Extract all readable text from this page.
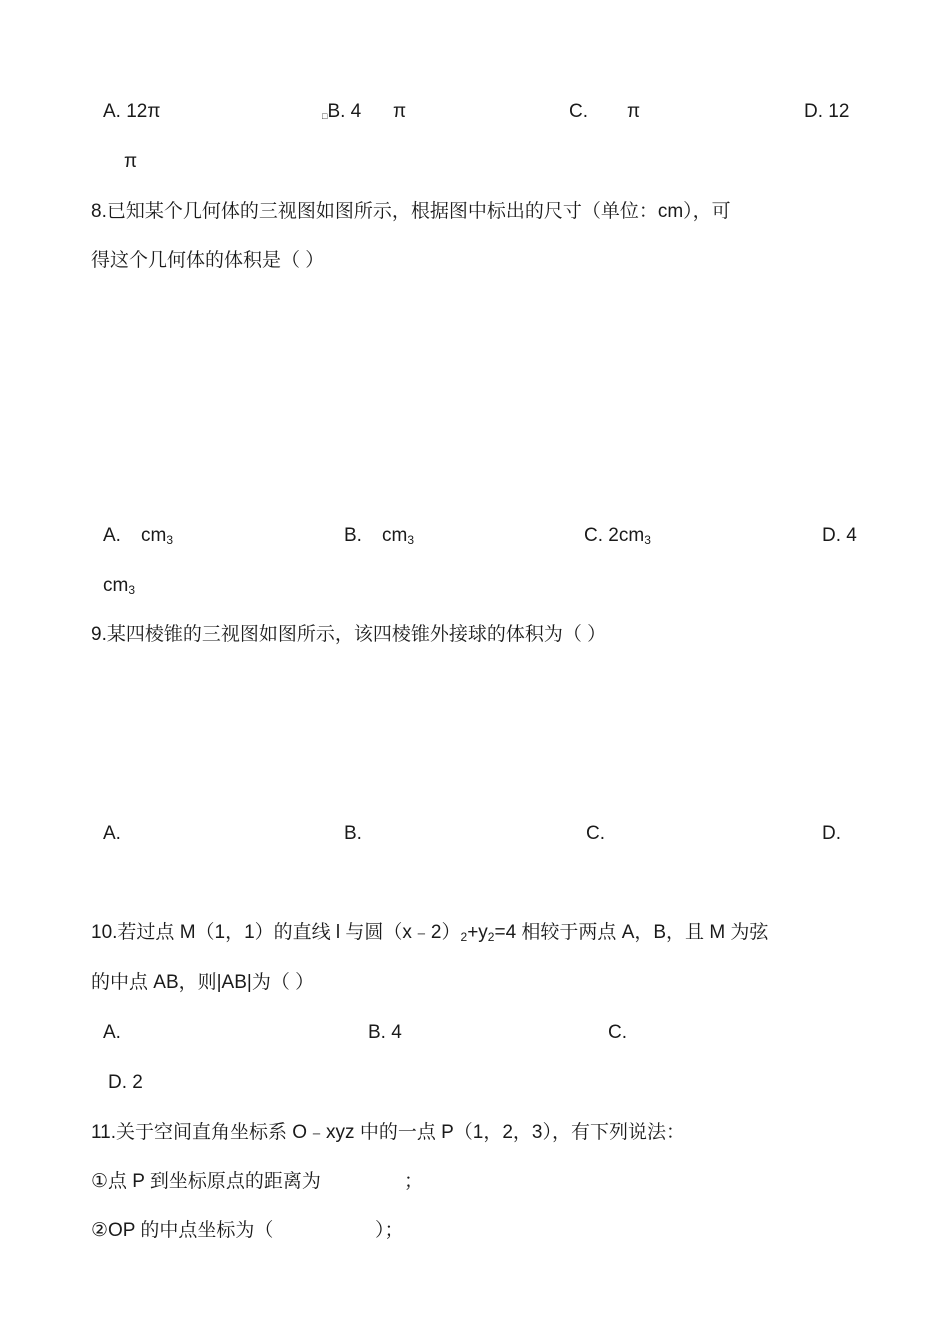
A. 12π	□B. 4 π	C. π	D. 12
π
8.已知某个几何体的三视图如图所示，根据图中标出的尺寸（单位：cm），可
得这个几何体的体积是（ ）
A. cm3	B. cm3	C. 2cm3	D. 4
cm3
9.某四棱锥的三视图如图所示，该四棱锥外接球的体积为（ ）
A.	B.	C.	D.
10.若过点 M（1，1）的直线 l 与圆（x﹣2）2+y2=4 相较于两点 A，B，且 M 为弦
的中点 AB，则|AB|为（ ）
A.	B. 4	C.
D. 2
11.关于空间直角坐标系 O﹣xyz 中的一点 P（1，2，3），有下列说法：
①点 P 到坐标原点的距离为	；
②OP 的中点坐标为（	）；
